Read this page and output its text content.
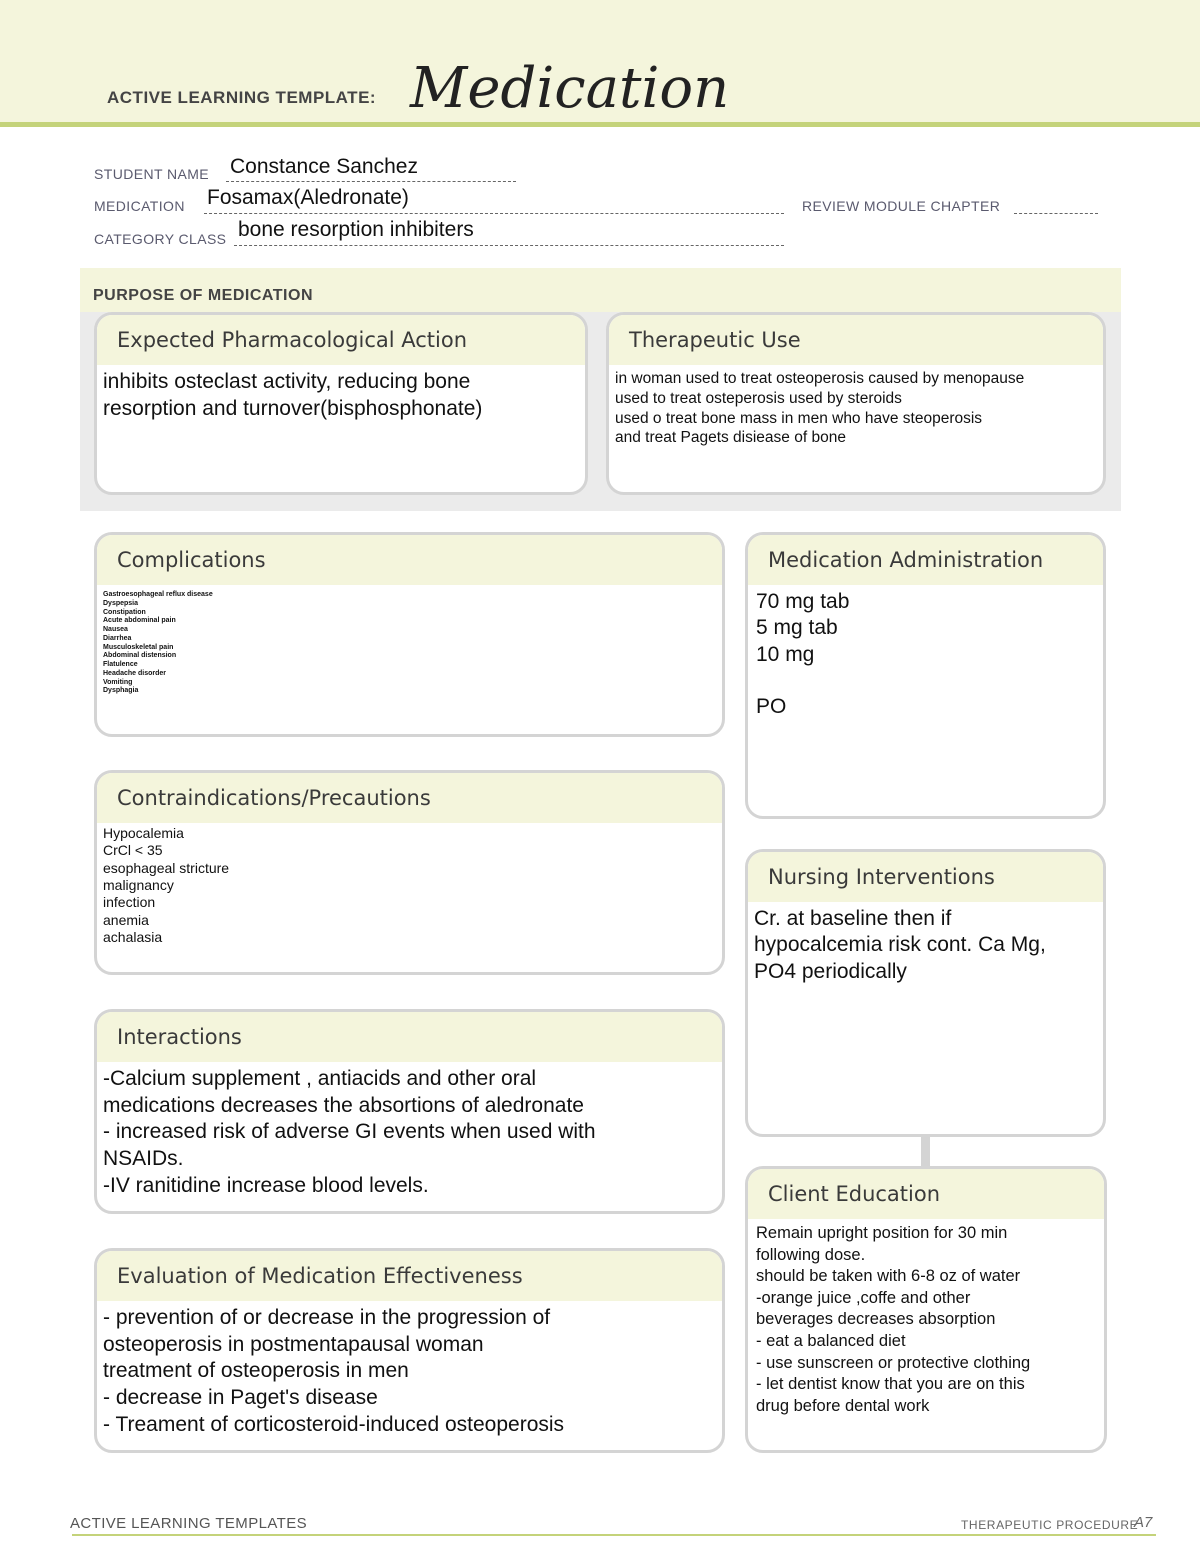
ACTIVE LEARNING TEMPLATE: Medication
STUDENT NAME Constance Sanchez
MEDICATION Fosamax(Aledronate)	REVIEW MODULE CHAPTER
CATEGORY CLASS bone resorption inhibiters
PURPOSE OF MEDICATION
Expected Pharmacological Action
inhibits osteclast activity, reducing bone
resorption and turnover(bisphosphonate)
Therapeutic Use
in woman used to treat osteoperosis caused by menopause
used to treat osteperosis used by steroids
used o treat bone mass in men who have steoperosis
and treat Pagets disiease of bone
Complications
Gastroesophageal reflux disease
Dyspepsia
Constipation
Acute abdominal pain
Nausea
Diarrhea
Musculoskeletal pain
Abdominal distension
Flatulence
Headache disorder
Vomiting
Dysphagia
Contraindications/Precautions
Hypocalemia
CrCl < 35
esophageal stricture
malignancy
infection
anemia
achalasia
Interactions
-Calcium supplement , antiacids and other oral
medications decreases the absortions of aledronate
- increased risk of adverse GI events when used with
NSAIDs.
-IV ranitidine increase blood levels.
Evaluation of Medication Effectiveness
- prevention of or decrease in the progression of
osteoperosis in postmentapausal woman
treatment of osteoperosis in men
- decrease in Paget's disease
- Treament of corticosteroid-induced osteoperosis
Medication Administration
70 mg tab
5 mg tab
10 mg

PO
Nursing Interventions
Cr. at baseline then if
hypocalcemia risk cont. Ca Mg,
PO4 periodically
Client Education
Remain upright position for 30 min
following dose.
should be taken with 6-8 oz of water
-orange juice ,coffe and other
beverages decreases absorption
- eat a balanced diet
- use sunscreen or protective clothing
- let dentist know that you are on this
drug before dental work
ACTIVE LEARNING TEMPLATES	THERAPEUTIC PROCEDURE
A7
